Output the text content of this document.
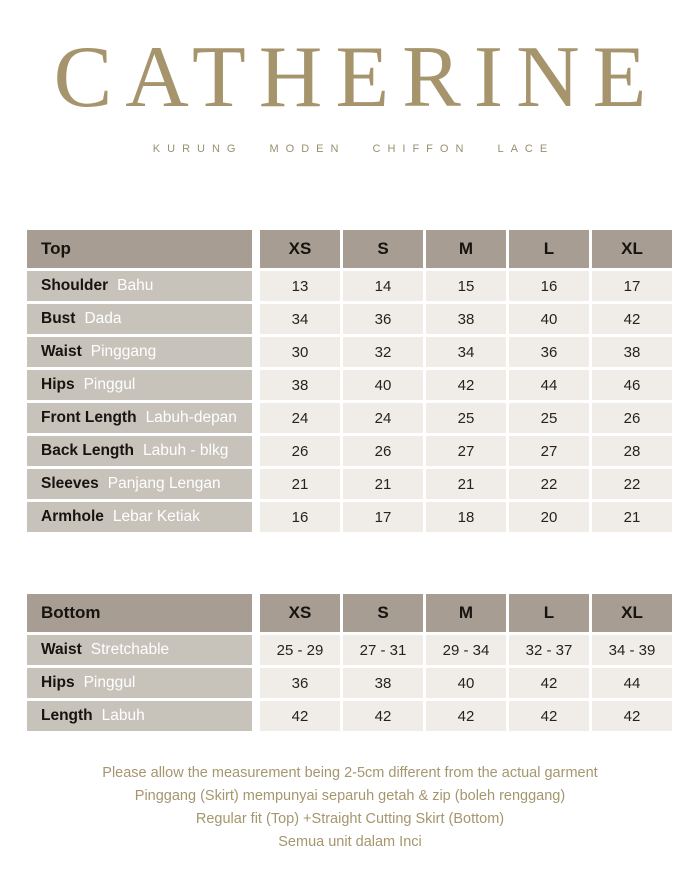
CATHERINE
KURUNG MODEN CHIFFON LACE
Top	XS	S	M	L	XL
Shoulder Bahu	13	14	15	16	17
Bust Dada	34	36	38	40	42
Waist Pinggang	30	32	34	36	38
Hips Pinggul	38	40	42	44	46
Front Length Labuh-depan	24	24	25	25	26
Back Length Labuh - blkg	26	26	27	27	28
Sleeves Panjang Lengan	21	21	21	22	22
Armhole Lebar Ketiak	16	17	18	20	21
Bottom	XS	S	M	L	XL
Waist Stretchable	25 - 29	27 - 31	29 - 34	32 - 37	34 - 39
Hips Pinggul	36	38	40	42	44
Length Labuh	42	42	42	42	42
Please allow the measurement being 2-5cm different from the actual garment
Pinggang (Skirt) mempunyai separuh getah & zip (boleh renggang)
Regular fit (Top) +Straight Cutting Skirt (Bottom)
Semua unit dalam Inci
